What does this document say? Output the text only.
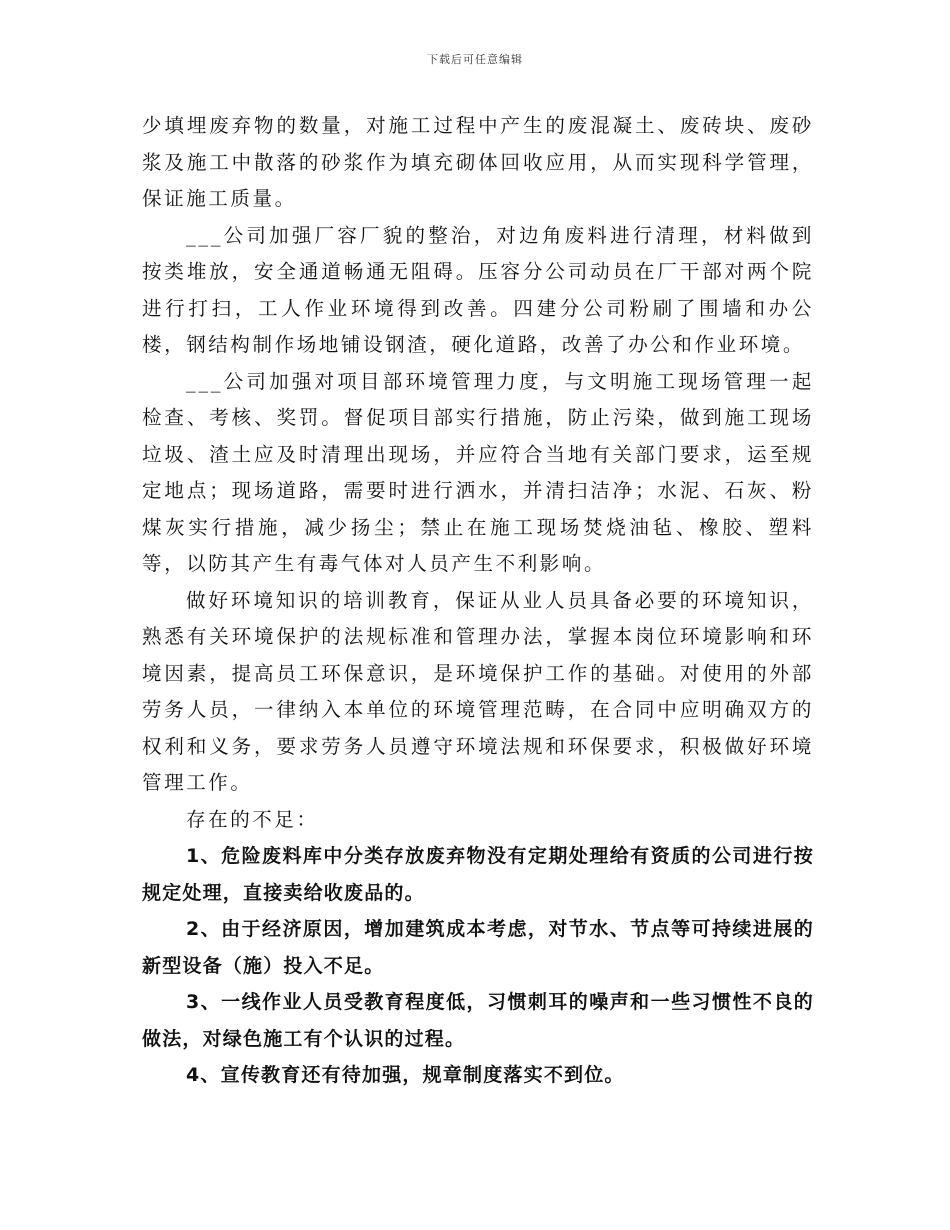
下载后可任意编辑

少填埋废弃物的数量，对施工过程中产生的废混凝土、废砖块、废砂浆及施工中散落的砂浆作为填充砌体回收应用，从而实现科学管理，保证施工质量。

___公司加强厂容厂貌的整治，对边角废料进行清理，材料做到按类堆放，安全通道畅通无阻碍。压容分公司动员在厂干部对两个院进行打扫，工人作业环境得到改善。四建分公司粉刷了围墙和办公楼，钢结构制作场地铺设钢渣，硬化道路，改善了办公和作业环境。

___公司加强对项目部环境管理力度，与文明施工现场管理一起检查、考核、奖罚。督促项目部实行措施，防止污染，做到施工现场垃圾、渣土应及时清理出现场，并应符合当地有关部门要求，运至规定地点；现场道路，需要时进行洒水，并清扫洁净；水泥、石灰、粉煤灰实行措施，减少扬尘；禁止在施工现场焚烧油毡、橡胶、塑料等，以防其产生有毒气体对人员产生不利影响。

做好环境知识的培训教育，保证从业人员具备必要的环境知识，熟悉有关环境保护的法规标准和管理办法，掌握本岗位环境影响和环境因素，提高员工环保意识，是环境保护工作的基础。对使用的外部劳务人员，一律纳入本单位的环境管理范畴，在合同中应明确双方的权利和义务，要求劳务人员遵守环境法规和环保要求，积极做好环境管理工作。

存在的不足：

1、危险废料库中分类存放废弃物没有定期处理给有资质的公司进行按规定处理，直接卖给收废品的。

2、由于经济原因，增加建筑成本考虑，对节水、节点等可持续进展的新型设备（施）投入不足。

3、一线作业人员受教育程度低，习惯刺耳的噪声和一些习惯性不良的做法，对绿色施工有个认识的过程。

4、宣传教育还有待加强，规章制度落实不到位。
